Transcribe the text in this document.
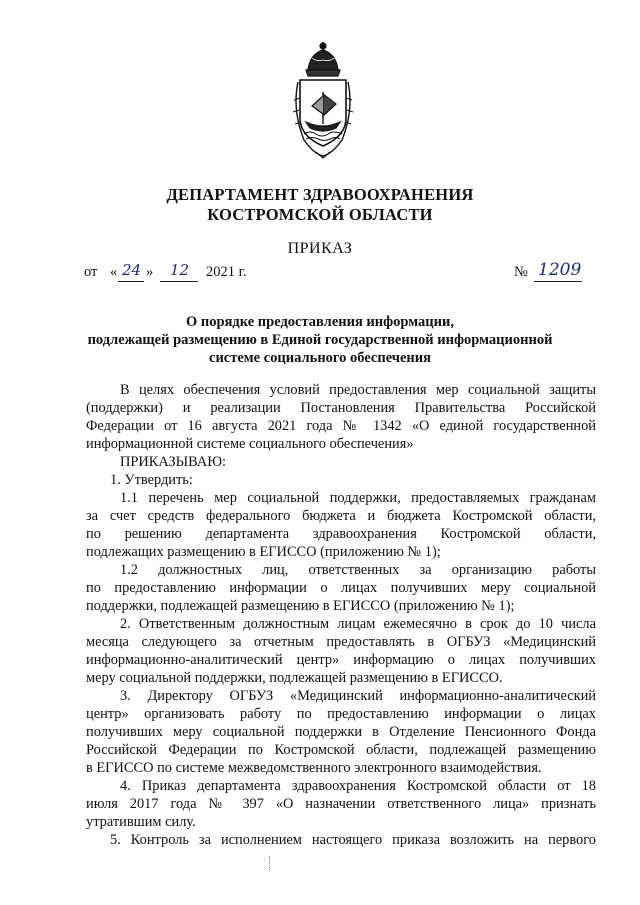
ДЕПАРТАМЕНТ ЗДРАВООХРАНЕНИЯ
КОСТРОМСКОЙ ОБЛАСТИ
ПРИКАЗ
от « 24 » 12 2021 г.	№ 1209
О порядке предоставления информации,
подлежащей размещению в Единой государственной информационной
системе социального обеспечения
В целях обеспечения условий предоставления мер социальной защиты
(поддержки) и реализации Постановления Правительства Российской
Федерации от 16 августа 2021 года № 1342 «О единой государственной
информационной системе социального обеспечения»
ПРИКАЗЫВАЮ:
1. Утвердить:
1.1 перечень мер социальной поддержки, предоставляемых гражданам
за счет средств федерального бюджета и бюджета Костромской области,
по решению департамента здравоохранения Костромской области,
подлежащих размещению в ЕГИССО (приложению № 1);
1.2 должностных лиц, ответственных за организацию работы
по предоставлению информации о лицах получивших меру социальной
поддержки, подлежащей размещению в ЕГИССО (приложению № 1);
2. Ответственным должностным лицам ежемесячно в срок до 10 числа
месяца следующего за отчетным предоставлять в ОГБУЗ «Медицинский
информационно-аналитический центр» информацию о лицах получивших
меру социальной поддержки, подлежащей размещению в ЕГИССО.
3. Директору ОГБУЗ «Медицинский информационно-аналитический
центр» организовать работу по предоставлению информации о лицах
получивших меру социальной поддержки в Отделение Пенсионного Фонда
Российской Федерации по Костромской области, подлежащей размещению
в ЕГИССО по системе межведомственного электронного взаимодействия.
4. Приказ департамента здравоохранения Костромской области от 18
июля 2017 года № 397 «О назначении ответственного лица» признать
утратившим силу.
5. Контроль за исполнением настоящего приказа возложить на первого
